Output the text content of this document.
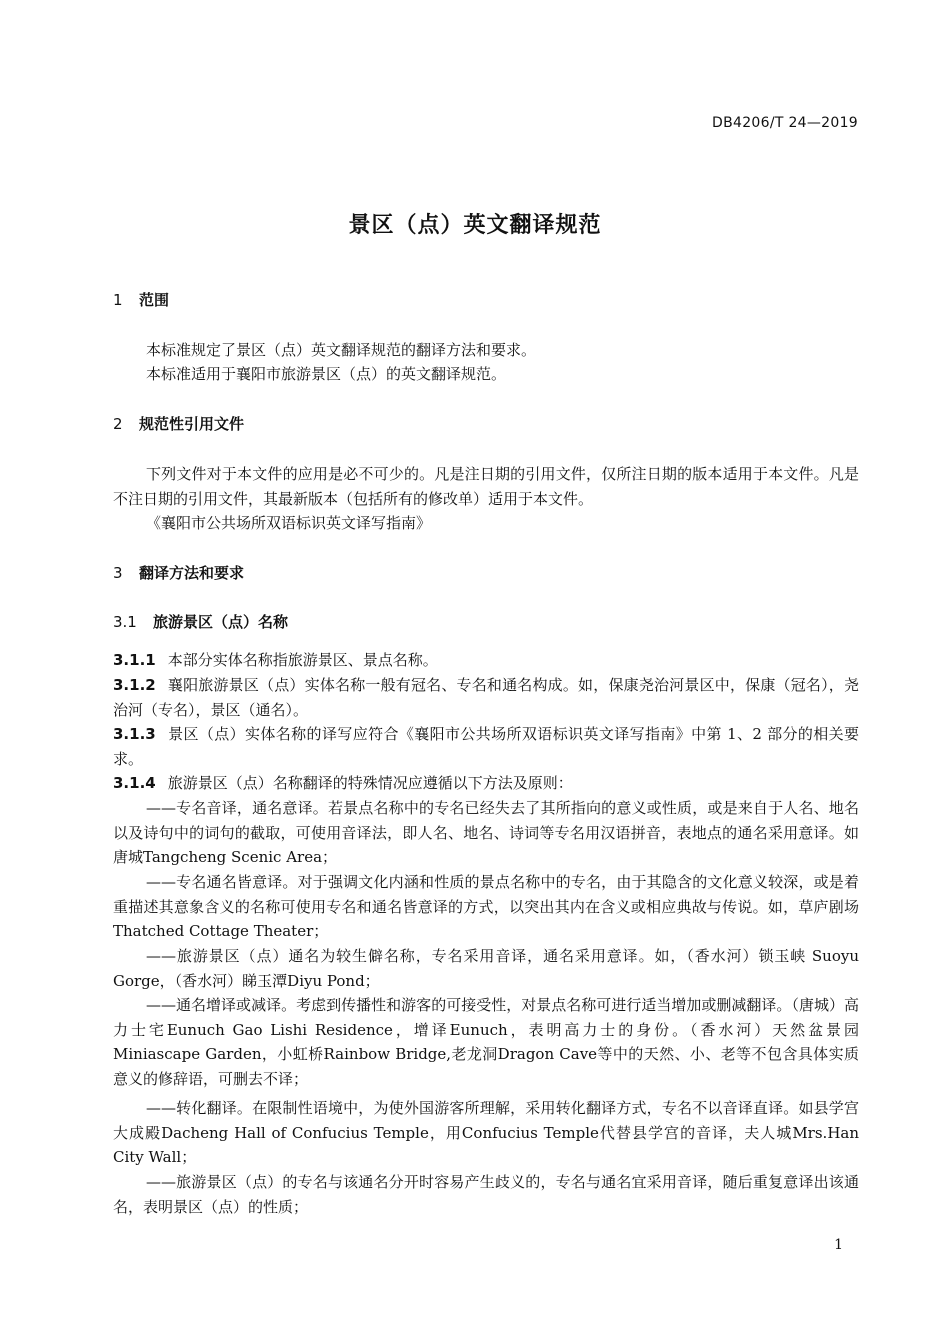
DB4206/T 24—2019
景区（点）英文翻译规范
1 范围

本标准规定了景区（点）英文翻译规范的翻译方法和要求。

本标准适用于襄阳市旅游景区（点）的英文翻译规范。

2 规范性引用文件

下列文件对于本文件的应用是必不可少的。凡是注日期的引用文件，仅所注日期的版本适用于本文件。凡是不注日期的引用文件，其最新版本（包括所有的修改单）适用于本文件。

《襄阳市公共场所双语标识英文译写指南》

3 翻译方法和要求
3.1 旅游景区（点）名称

3.1.1 本部分实体名称指旅游景区、景点名称。

3.1.2 襄阳旅游景区（点）实体名称一般有冠名、专名和通名构成。如，保康尧治河景区中，保康（冠名），尧治河（专名），景区（通名）。

3.1.3 景区（点）实体名称的译写应符合《襄阳市公共场所双语标识英文译写指南》中第 1、2 部分的相关要求。

3.1.4 旅游景区（点）名称翻译的特殊情况应遵循以下方法及原则：

——专名音译，通名意译。若景点名称中的专名已经失去了其所指向的意义或性质，或是来自于人名、地名以及诗句中的词句的截取，可使用音译法，即人名、地名、诗词等专名用汉语拼音，表地点的通名采用意译。如唐城Tangcheng Scenic Area；

——专名通名皆意译。对于强调文化内涵和性质的景点名称中的专名，由于其隐含的文化意义较深，或是着重描述其意象含义的名称可使用专名和通名皆意译的方式，以突出其内在含义或相应典故与传说。如，草庐剧场Thatched Cottage Theater；

——旅游景区（点）通名为较生僻名称，专名采用音译，通名采用意译。如，（香水河）锁玉峡 Suoyu Gorge，（香水河）睇玉潭Diyu Pond；

——通名增译或减译。考虑到传播性和游客的可接受性，对景点名称可进行适当增加或删减翻译。（唐城）高力士宅Eunuch Gao Lishi Residence，增译Eunuch，表明高力士的身份。（香水河）天然盆景园 Miniascape Garden，小虹桥Rainbow Bridge,老龙洞Dragon Cave等中的天然、小、老等不包含具体实质意义的修辞语，可删去不译；

——转化翻译。在限制性语境中，为使外国游客所理解，采用转化翻译方式，专名不以音译直译。如县学宫大成殿Dacheng Hall of Confucius Temple，用Confucius Temple代替县学宫的音译，夫人城Mrs.Han City Wall；

——旅游景区（点）的专名与该通名分开时容易产生歧义的，专名与通名宜采用音译，随后重复意译出该通名，表明景区（点）的性质；

1
